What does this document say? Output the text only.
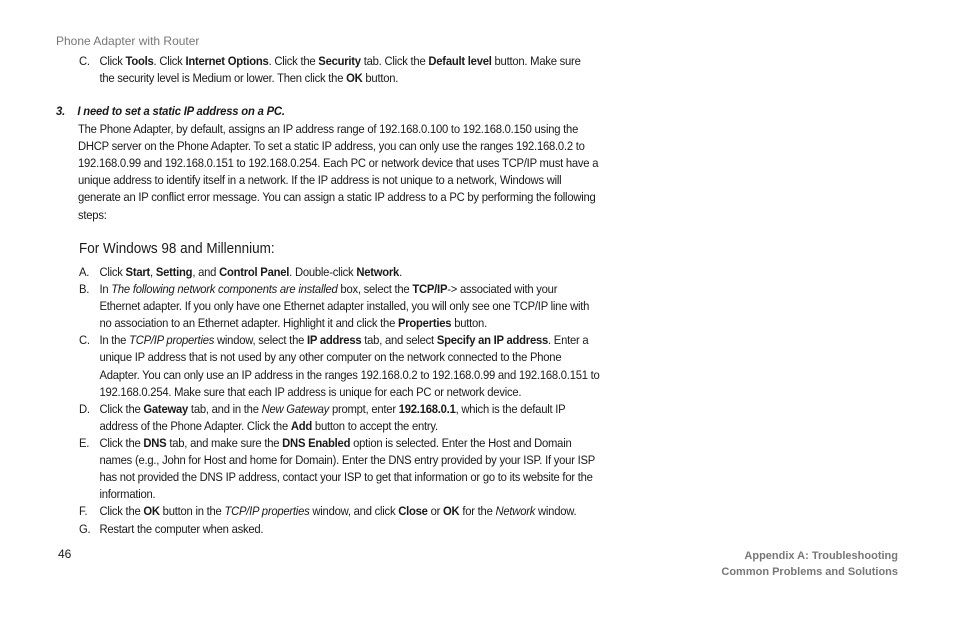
Phone Adapter with Router
C. Click Tools. Click Internet Options. Click the Security tab. Click the Default level button. Make sure
the security level is Medium or lower. Then click the OK button.
3. I need to set a static IP address on a PC.
The Phone Adapter, by default, assigns an IP address range of 192.168.0.100 to 192.168.0.150 using the
DHCP server on the Phone Adapter. To set a static IP address, you can only use the ranges 192.168.0.2 to
192.168.0.99 and 192.168.0.151 to 192.168.0.254. Each PC or network device that uses TCP/IP must have a
unique address to identify itself in a network. If the IP address is not unique to a network, Windows will
generate an IP conflict error message. You can assign a static IP address to a PC by performing the following
steps:
For Windows 98 and Millennium:
A. Click Start, Setting, and Control Panel. Double-click Network.
B. In The following network components are installed box, select the TCP/IP-> associated with your
Ethernet adapter. If you only have one Ethernet adapter installed, you will only see one TCP/IP line with
no association to an Ethernet adapter. Highlight it and click the Properties button.
C. In the TCP/IP properties window, select the IP address tab, and select Specify an IP address. Enter a
unique IP address that is not used by any other computer on the network connected to the Phone
Adapter. You can only use an IP address in the ranges 192.168.0.2 to 192.168.0.99 and 192.168.0.151 to
192.168.0.254. Make sure that each IP address is unique for each PC or network device.
D. Click the Gateway tab, and in the New Gateway prompt, enter 192.168.0.1, which is the default IP
address of the Phone Adapter. Click the Add button to accept the entry.
E. Click the DNS tab, and make sure the DNS Enabled option is selected. Enter the Host and Domain
names (e.g., John for Host and home for Domain). Enter the DNS entry provided by your ISP. If your ISP
has not provided the DNS IP address, contact your ISP to get that information or go to its website for the
information.
F. Click the OK button in the TCP/IP properties window, and click Close or OK for the Network window.
G. Restart the computer when asked.
46	Appendix A: Troubleshooting
Common Problems and Solutions
